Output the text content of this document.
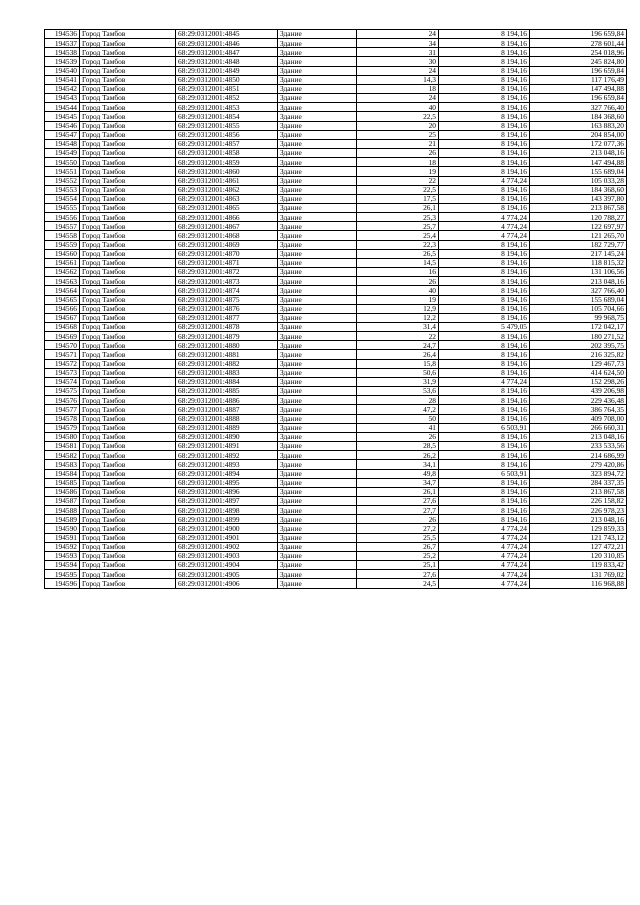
194536	Город Тамбов	68:29:0312001:4845	Здание	24	8 194,16	196 659,84
194537	Город Тамбов	68:29:0312001:4846	Здание	34	8 194,16	278 601,44
194538	Город Тамбов	68:29:0312001:4847	Здание	31	8 194,16	254 018,96
194539	Город Тамбов	68:29:0312001:4848	Здание	30	8 194,16	245 824,80
194540	Город Тамбов	68:29:0312001:4849	Здание	24	8 194,16	196 659,84
194541	Город Тамбов	68:29:0312001:4850	Здание	14,3	8 194,16	117 176,49
194542	Город Тамбов	68:29:0312001:4851	Здание	18	8 194,16	147 494,88
194543	Город Тамбов	68:29:0312001:4852	Здание	24	8 194,16	196 659,84
194544	Город Тамбов	68:29:0312001:4853	Здание	40	8 194,16	327 766,40
194545	Город Тамбов	68:29:0312001:4854	Здание	22,5	8 194,16	184 368,60
194546	Город Тамбов	68:29:0312001:4855	Здание	20	8 194,16	163 883,20
194547	Город Тамбов	68:29:0312001:4856	Здание	25	8 194,16	204 854,00
194548	Город Тамбов	68:29:0312001:4857	Здание	21	8 194,16	172 077,36
194549	Город Тамбов	68:29:0312001:4858	Здание	26	8 194,16	213 048,16
194550	Город Тамбов	68:29:0312001:4859	Здание	18	8 194,16	147 494,88
194551	Город Тамбов	68:29:0312001:4860	Здание	19	8 194,16	155 689,04
194552	Город Тамбов	68:29:0312001:4861	Здание	22	4 774,24	105 033,28
194553	Город Тамбов	68:29:0312001:4862	Здание	22,5	8 194,16	184 368,60
194554	Город Тамбов	68:29:0312001:4863	Здание	17,5	8 194,16	143 397,80
194555	Город Тамбов	68:29:0312001:4865	Здание	26,1	8 194,16	213 867,58
194556	Город Тамбов	68:29:0312001:4866	Здание	25,3	4 774,24	120 788,27
194557	Город Тамбов	68:29:0312001:4867	Здание	25,7	4 774,24	122 697,97
194558	Город Тамбов	68:29:0312001:4868	Здание	25,4	4 774,24	121 265,70
194559	Город Тамбов	68:29:0312001:4869	Здание	22,3	8 194,16	182 729,77
194560	Город Тамбов	68:29:0312001:4870	Здание	26,5	8 194,16	217 145,24
194561	Город Тамбов	68:29:0312001:4871	Здание	14,5	8 194,16	118 815,32
194562	Город Тамбов	68:29:0312001:4872	Здание	16	8 194,16	131 106,56
194563	Город Тамбов	68:29:0312001:4873	Здание	26	8 194,16	213 048,16
194564	Город Тамбов	68:29:0312001:4874	Здание	40	8 194,16	327 766,40
194565	Город Тамбов	68:29:0312001:4875	Здание	19	8 194,16	155 689,04
194566	Город Тамбов	68:29:0312001:4876	Здание	12,9	8 194,16	105 704,66
194567	Город Тамбов	68:29:0312001:4877	Здание	12,2	8 194,16	99 968,75
194568	Город Тамбов	68:29:0312001:4878	Здание	31,4	5 479,05	172 042,17
194569	Город Тамбов	68:29:0312001:4879	Здание	22	8 194,16	180 271,52
194570	Город Тамбов	68:29:0312001:4880	Здание	24,7	8 194,16	202 395,75
194571	Город Тамбов	68:29:0312001:4881	Здание	26,4	8 194,16	216 325,82
194572	Город Тамбов	68:29:0312001:4882	Здание	15,8	8 194,16	129 467,73
194573	Город Тамбов	68:29:0312001:4883	Здание	50,6	8 194,16	414 624,50
194574	Город Тамбов	68:29:0312001:4884	Здание	31,9	4 774,24	152 298,26
194575	Город Тамбов	68:29:0312001:4885	Здание	53,6	8 194,16	439 206,98
194576	Город Тамбов	68:29:0312001:4886	Здание	28	8 194,16	229 436,48
194577	Город Тамбов	68:29:0312001:4887	Здание	47,2	8 194,16	386 764,35
194578	Город Тамбов	68:29:0312001:4888	Здание	50	8 194,16	409 708,00
194579	Город Тамбов	68:29:0312001:4889	Здание	41	6 503,91	266 660,31
194580	Город Тамбов	68:29:0312001:4890	Здание	26	8 194,16	213 048,16
194581	Город Тамбов	68:29:0312001:4891	Здание	28,5	8 194,16	233 533,56
194582	Город Тамбов	68:29:0312001:4892	Здание	26,2	8 194,16	214 686,99
194583	Город Тамбов	68:29:0312001:4893	Здание	34,1	8 194,16	279 420,86
194584	Город Тамбов	68:29:0312001:4894	Здание	49,8	6 503,91	323 894,72
194585	Город Тамбов	68:29:0312001:4895	Здание	34,7	8 194,16	284 337,35
194586	Город Тамбов	68:29:0312001:4896	Здание	26,1	8 194,16	213 867,58
194587	Город Тамбов	68:29:0312001:4897	Здание	27,6	8 194,16	226 158,82
194588	Город Тамбов	68:29:0312001:4898	Здание	27,7	8 194,16	226 978,23
194589	Город Тамбов	68:29:0312001:4899	Здание	26	8 194,16	213 048,16
194590	Город Тамбов	68:29:0312001:4900	Здание	27,2	4 774,24	129 859,33
194591	Город Тамбов	68:29:0312001:4901	Здание	25,5	4 774,24	121 743,12
194592	Город Тамбов	68:29:0312001:4902	Здание	26,7	4 774,24	127 472,21
194593	Город Тамбов	68:29:0312001:4903	Здание	25,2	4 774,24	120 310,85
194594	Город Тамбов	68:29:0312001:4904	Здание	25,1	4 774,24	119 833,42
194595	Город Тамбов	68:29:0312001:4905	Здание	27,6	4 774,24	131 769,02
194596	Город Тамбов	68:29:0312001:4906	Здание	24,5	4 774,24	116 968,88
